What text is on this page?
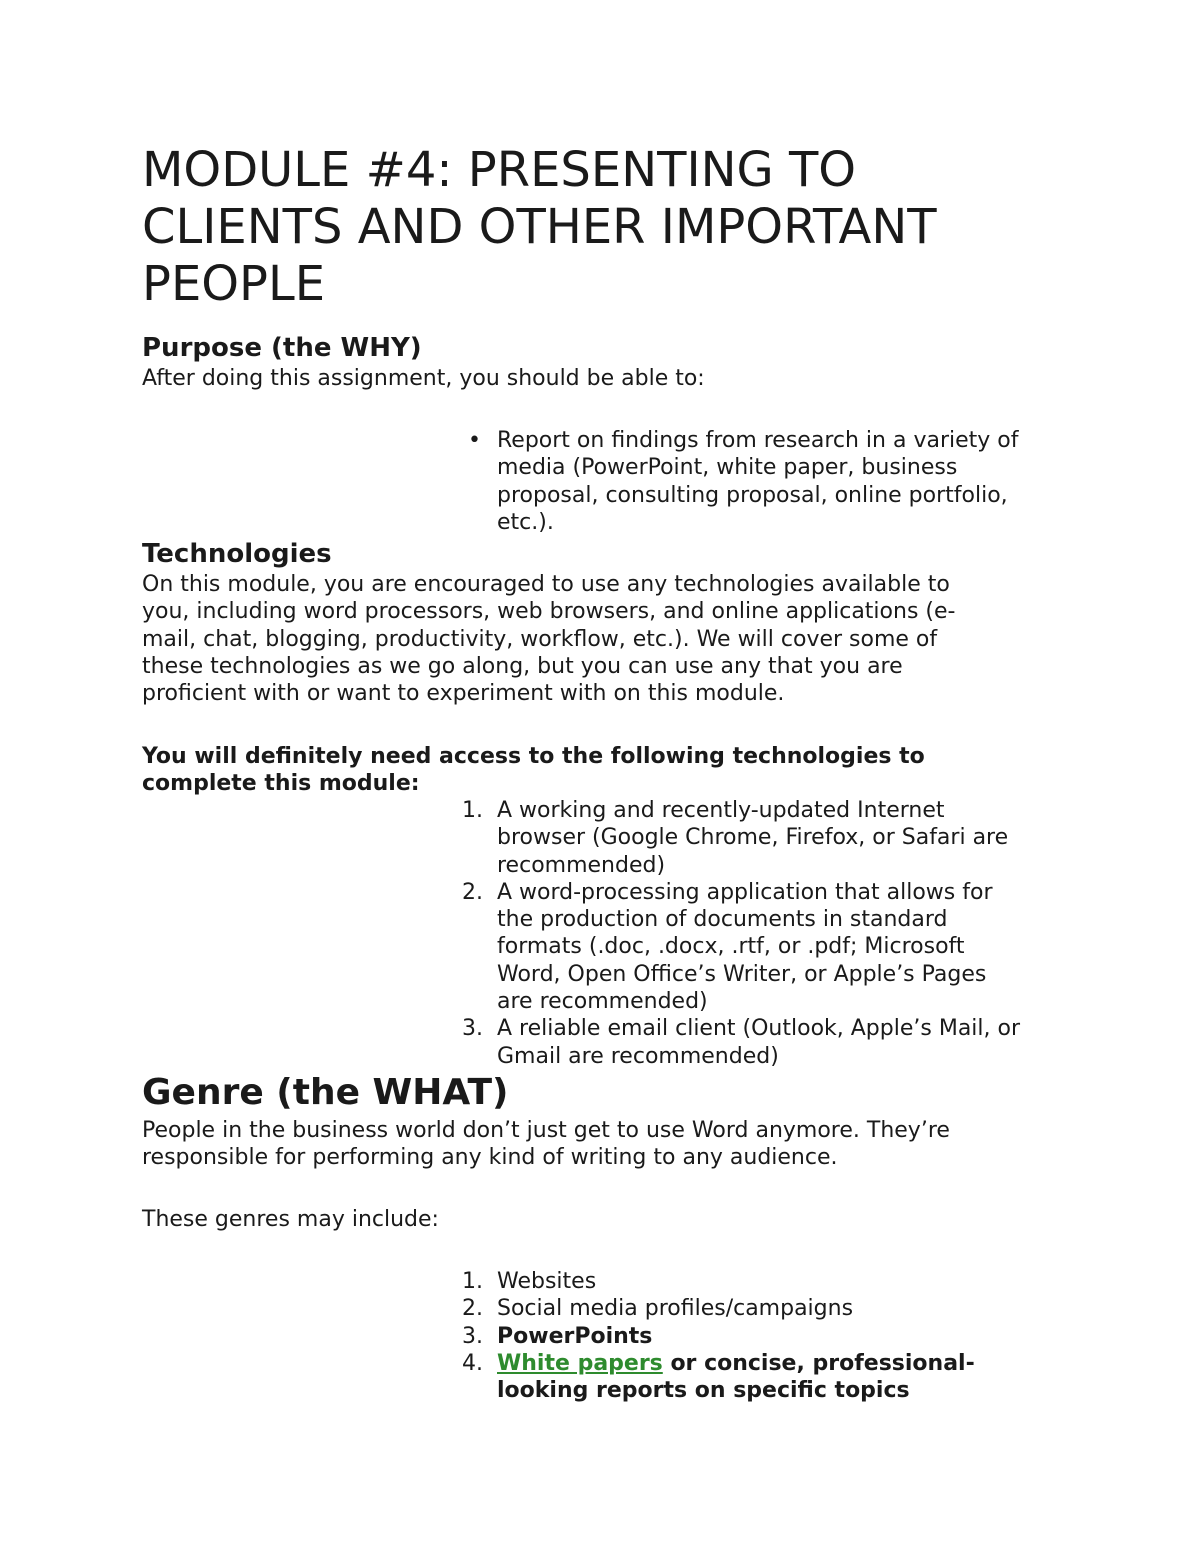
MODULE #4: PRESENTING TO
CLIENTS AND OTHER IMPORTANT
PEOPLE
Purpose (the WHY)
After doing this assignment, you should be able to:
• Report on findings from research in a variety of
media (PowerPoint, white paper, business
proposal, consulting proposal, online portfolio,
etc.).
Technologies
On this module, you are encouraged to use any technologies available to
you, including word processors, web browsers, and online applications (e-
mail, chat, blogging, productivity, workflow, etc.). We will cover some of
these technologies as we go along, but you can use any that you are
proficient with or want to experiment with on this module.
You will definitely need access to the following technologies to
complete this module:
1. A working and recently-updated Internet
browser (Google Chrome, Firefox, or Safari are
recommended)
2. A word-processing application that allows for
the production of documents in standard
formats (.doc, .docx, .rtf, or .pdf; Microsoft
Word, Open Office’s Writer, or Apple’s Pages
are recommended)
3. A reliable email client (Outlook, Apple’s Mail, or
Gmail are recommended)
Genre (the WHAT)
People in the business world don’t just get to use Word anymore. They’re
responsible for performing any kind of writing to any audience.
These genres may include:
1. Websites
2. Social media profiles/campaigns
3. PowerPoints
4. White papers or concise, professional-
looking reports on specific topics
